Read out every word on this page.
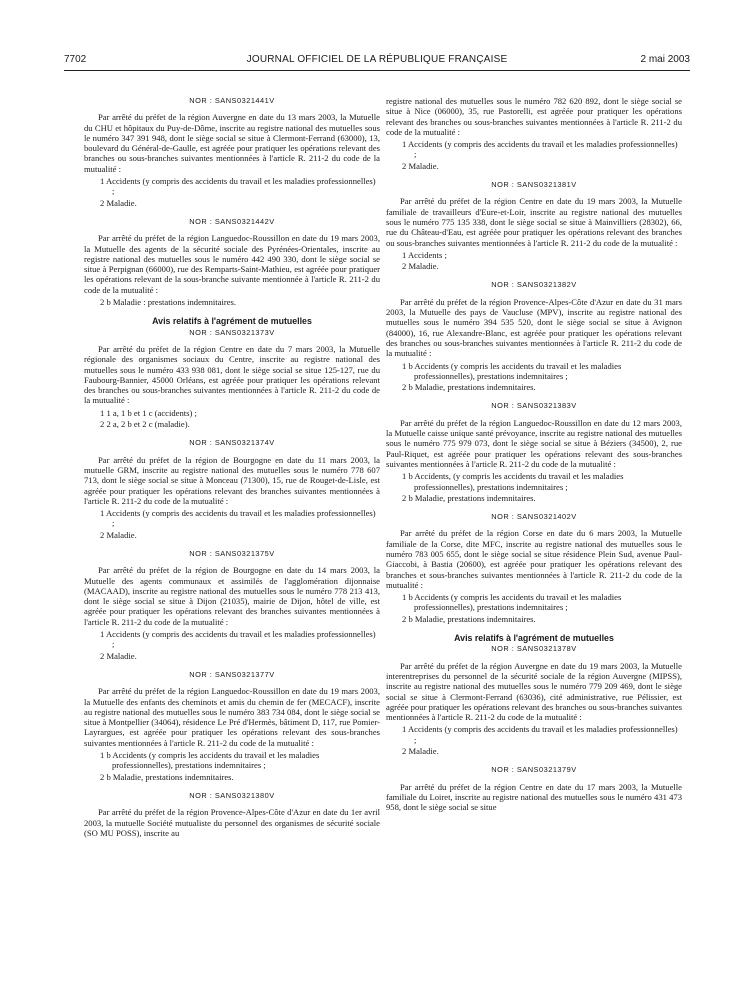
7702	JOURNAL OFFICIEL DE LA RÉPUBLIQUE FRANÇAISE	2 mai 2003
NOR : SANS0321441V
Par arrêté du préfet de la région Auvergne en date du 13 mars 2003, la Mutuelle du CHU et hôpitaux du Puy-de-Dôme, inscrite au registre national des mutuelles sous le numéro 347 391 948, dont le siège social se situe à Clermont-Ferrand (63000), 13, boulevard du Général-de-Gaulle, est agréée pour pratiquer les opérations relevant des branches ou sous-branches suivantes mentionnées à l'article R. 211-2 du code de la mutualité :
1 Accidents (y compris des accidents du travail et les maladies professionnelles) ;
2 Maladie.
NOR : SANS0321442V
Par arrêté du préfet de la région Languedoc-Roussillon en date du 19 mars 2003, la Mutuelle des agents de la sécurité sociale des Pyrénées-Orientales, inscrite au registre national des mutuelles sous le numéro 442 490 330, dont le siège social se situe à Perpignan (66000), rue des Remparts-Saint-Mathieu, est agréée pour pratiquer les opérations relevant de la sous-branche suivante mentionnée à l'article R. 211-2 du code de la mutualité :
2 b Maladie : prestations indemnitaires.
Avis relatifs à l'agrément de mutuelles
NOR : SANS0321373V
Par arrêté du préfet de la région Centre en date du 7 mars 2003, la Mutuelle régionale des organismes sociaux du Centre, inscrite au registre national des mutuelles sous le numéro 433 938 081, dont le siège social se situe 125-127, rue du Faubourg-Bannier, 45000 Orléans, est agréée pour pratiquer les opérations relevant des branches ou sous-branches suivantes mentionnées à l'article R. 211-2 du code de la mutualité :
1 1 a, 1 b et 1 c (accidents) ;
2 2 a, 2 b et 2 c (maladie).
NOR : SANS0321374V
Par arrêté du préfet de la région de Bourgogne en date du 11 mars 2003, la mutuelle GRM, inscrite au registre national des mutuelles sous le numéro 778 607 713, dont le siège social se situe à Monceau (71300), 15, rue de Rouget-de-Lisle, est agréée pour pratiquer les opérations relevant des branches suivantes mentionnées à l'article R. 211-2 du code de la mutualité :
1 Accidents (y compris des accidents du travail et les maladies professionnelles) ;
2 Maladie.
NOR : SANS0321375V
Par arrêté du préfet de la région de Bourgogne en date du 14 mars 2003, la Mutuelle des agents communaux et assimilés de l'agglomération dijonnaise (MACAAD), inscrite au registre national des mutuelles sous le numéro 778 213 413, dont le siège social se situe à Dijon (21035), mairie de Dijon, hôtel de ville, est agréée pour pratiquer les opérations relevant des branches suivantes mentionnées à l'article R. 211-2 du code de la mutualité :
1 Accidents (y compris des accidents du travail et les maladies professionnelles) ;
2 Maladie.
NOR : SANS0321377V
Par arrêté du préfet de la région Languedoc-Roussillon en date du 19 mars 2003, la Mutuelle des enfants des cheminots et amis du chemin de fer (MECACF), inscrite au registre national des mutuelles sous le numéro 383 734 084, dont le siège social se situe à Montpellier (34064), résidence Le Pré d'Hermès, bâtiment D, 117, rue Pomier-Layrargues, est agréée pour pratiquer les opérations relevant des sous-branches suivantes mentionnées à l'article R. 211-2 du code de la mutualité :
1 b Accidents (y compris les accidents du travail et les maladies professionnelles), prestations indemnitaires ;
2 b Maladie, prestations indemnitaires.
NOR : SANS0321380V
Par arrêté du préfet de la région Provence-Alpes-Côte d'Azur en date du 1er avril 2003, la mutuelle Société mutualiste du personnel des organismes de sécurité sociale (SO MU POSS), inscrite au
registre national des mutuelles sous le numéro 782 620 892, dont le siège social se situe à Nice (06000), 35, rue Pastorelli, est agréée pour pratiquer les opérations relevant des branches ou sous-branches suivantes mentionnées à l'article R. 211-2 du code de la mutualité :
1 Accidents (y compris des accidents du travail et les maladies professionnelles) ;
2 Maladie.
NOR : SANS0321381V
Par arrêté du préfet de la région Centre en date du 19 mars 2003, la Mutuelle familiale de travailleurs d'Eure-et-Loir, inscrite au registre national des mutuelles sous le numéro 775 135 338, dont le siège social se situe à Mainvilliers (28302), 66, rue du Château-d'Eau, est agréée pour pratiquer les opérations relevant des branches ou sous-branches suivantes mentionnées à l'article R. 211-2 du code de la mutualité :
1 Accidents ;
2 Maladie.
NOR : SANS0321382V
Par arrêté du préfet de la région Provence-Alpes-Côte d'Azur en date du 31 mars 2003, la Mutuelle des pays de Vaucluse (MPV), inscrite au registre national des mutuelles sous le numéro 394 535 520, dont le siège social se situe à Avignon (84000), 16, rue Alexandre-Blanc, est agréée pour pratiquer les opérations relevant des branches ou sous-branches suivantes mentionnées à l'article R. 211-2 du code de la mutualité :
1 b Accidents (y compris les accidents du travail et les maladies professionnelles), prestations indemnitaires ;
2 b Maladie, prestations indemnitaires.
NOR : SANS0321383V
Par arrêté du préfet de la région Languedoc-Roussillon en date du 12 mars 2003, la Mutuelle caisse unique santé prévoyance, inscrite au registre national des mutuelles sous le numéro 775 979 073, dont le siège social se situe à Béziers (34500), 2, rue Paul-Riquet, est agréée pour pratiquer les opérations relevant des sous-branches suivantes mentionnées à l'article R. 211-2 du code de la mutualité :
1 b Accidents, (y compris les accidents du travail et les maladies professionnelles), prestations indemnitaires ;
2 b Maladie, prestations indemnitaires.
NOR : SANS0321402V
Par arrêté du préfet de la région Corse en date du 6 mars 2003, la Mutuelle familiale de la Corse, dite MFC, inscrite au registre national des mutuelles sous le numéro 783 005 655, dont le siège social se situe résidence Plein Sud, avenue Paul-Giaccobi, à Bastia (20600), est agréée pour pratiquer les opérations relevant des branches et sous-branches suivantes mentionnées à l'article R. 211-2 du code de la mutualité :
1 b Accidents (y compris les accidents du travail et les maladies professionnelles), prestations indemnitaires ;
2 b Maladie, prestations indemnitaires.
Avis relatifs à l'agrément de mutuelles
NOR : SANS0321378V
Par arrêté du préfet de la région Auvergne en date du 19 mars 2003, la Mutuelle interentreprises du personnel de la sécurité sociale de la région Auvergne (MIPSS), inscrite au registre national des mutuelles sous le numéro 779 209 469, dont le siège social se situe à Clermont-Ferrand (63036), cité administrative, rue Pélissier, est agréée pour pratiquer les opérations relevant des branches ou sous-branches suivantes mentionnées à l'article R. 211-2 du code de la mutualité :
1 Accidents (y compris des accidents du travail et les maladies professionnelles) ;
2 Maladie.
NOR : SANS0321379V
Par arrêté du préfet de la région Centre en date du 17 mars 2003, la Mutuelle familiale du Loiret, inscrite au registre national des mutuelles sous le numéro 431 473 958, dont le siège social se situe
